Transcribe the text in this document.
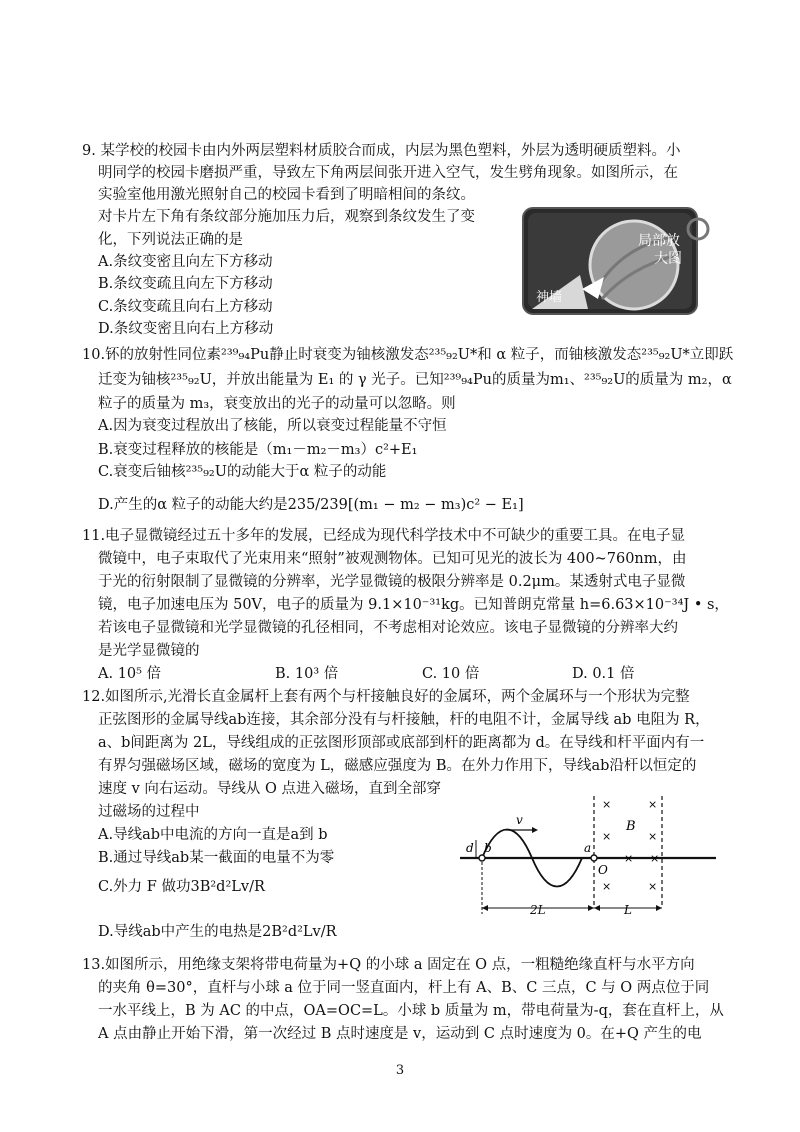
9. 某学校的校园卡由内外两层塑料材质胶合而成，内层为黑色塑料，外层为透明硬质塑料。小
明同学的校园卡磨损严重，导致左下角两层间张开进入空气，发生劈角现象。如图所示，在
实验室他用激光照射自己的校园卡看到了明暗相间的条纹。
对卡片左下角有条纹部分施加压力后，观察到条纹发生了变
化，下列说法正确的是
A.条纹变密且向左下方移动
B.条纹变疏且向左下方移动
C.条纹变疏且向右上方移动
D.条纹变密且向右上方移动
局部放
大图
神墙
10.钚的放射性同位素²³⁹₉₄Pu静止时衰变为铀核激发态²³⁵₉₂U*和 α 粒子，而铀核激发态²³⁵₉₂U*立即跃
迁变为铀核²³⁵₉₂U，并放出能量为 E₁ 的 γ 光子。已知²³⁹₉₄Pu的质量为m₁、²³⁵₉₂U的质量为 m₂，α
粒子的质量为 m₃，衰变放出的光子的动量可以忽略。则
A.因为衰变过程放出了核能，所以衰变过程能量不守恒
B.衰变过程释放的核能是（m₁－m₂－m₃）c²+E₁
C.衰变后铀核²³⁵₉₂U的动能大于α 粒子的动能
D.产生的α 粒子的动能大约是235/239[(m₁ − m₂ − m₃)c² − E₁]
11.电子显微镜经过五十多年的发展，已经成为现代科学技术中不可缺少的重要工具。在电子显
微镜中，电子束取代了光束用来“照射”被观测物体。已知可见光的波长为 400~760nm，由
于光的衍射限制了显微镜的分辨率，光学显微镜的极限分辨率是 0.2μm。某透射式电子显微
镜，电子加速电压为 50V，电子的质量为 9.1×10⁻³¹kg。已知普朗克常量 h=6.63×10⁻³⁴J • s，
若该电子显微镜和光学显微镜的孔径相同，不考虑相对论效应。该电子显微镜的分辨率大约
是光学显微镜的
A. 10⁵ 倍	B. 10³ 倍	C. 10 倍	D. 0.1 倍
12.如图所示,光滑长直金属杆上套有两个与杆接触良好的金属环，两个金属环与一个形状为完整
正弦图形的金属导线ab连接，其余部分没有与杆接触，杆的电阻不计，金属导线 ab 电阻为 R，
a、b间距离为 2L，导线组成的正弦图形顶部或底部到杆的距离都为 d。在导线和杆平面内有一
有界匀强磁场区域，磁场的宽度为 L，磁感应强度为 B。在外力作用下，导线ab沿杆以恒定的
速度 v 向右运动。导线从 O 点进入磁场，直到全部穿
过磁场的过程中
A.导线ab中电流的方向一直是a到 b
B.通过导线ab某一截面的电量不为零
C.外力 F 做功3B²d²Lv/R
D.导线ab中产生的电热是2B²d²Lv/R
v
d b	a
O
B
×	×
×	×
× ×
×	×
2L	L
13.如图所示，用绝缘支架将带电荷量为+Q 的小球 a 固定在 O 点，一粗糙绝缘直杆与水平方向
的夹角 θ=30°，直杆与小球 a 位于同一竖直面内，杆上有 A、B、C 三点，C 与 O 两点位于同
一水平线上，B 为 AC 的中点，OA=OC=L。小球 b 质量为 m，带电荷量为-q，套在直杆上，从
A 点由静止开始下滑，第一次经过 B 点时速度是 v，运动到 C 点时速度为 0。在+Q 产生的电
3
